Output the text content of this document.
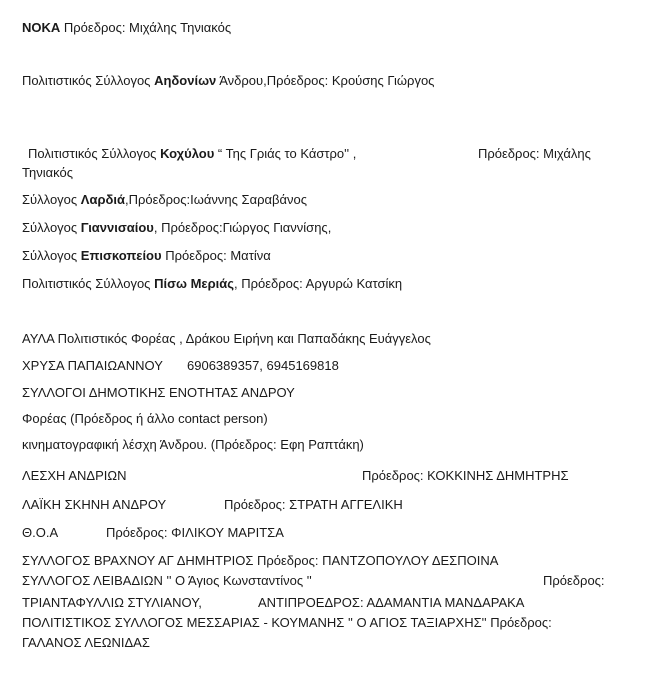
ΝΟΚΑ Πρόεδρος: Μιχάλης Τηνιακός
Πολιτιστικός Σύλλογος Αηδονίων Άνδρου,Πρόεδρος: Κρούσης Γιώργος
Πολιτιστικός Σύλλογος Κοχύλου “ Της Γριάς το Κάστρο'' ,	Πρόεδρος: Μιχάλης
Τηνιακός
Σύλλογος Λαρδιά,Πρόεδρος:Ιωάννης Σαραβάνος
Σύλλογος Γιαννισαίου, Πρόεδρος:Γιώργος Γιαννίσης,
Σύλλογος Επισκοπείου Πρόεδρος: Ματίνα
Πολιτιστικός Σύλλογος Πίσω Μεριάς, Πρόεδρος: Αργυρώ Κατσίκη
ΑΥΛΑ Πολιτιστικός Φορέας , Δράκου Ειρήνη και Παπαδάκης Ευάγγελος
ΧΡΥΣΑ ΠΑΠΑΙΩΑΝΝΟΥ 6906389357, 6945169818
ΣΥΛΛΟΓΟΙ ΔΗΜΟΤΙΚΗΣ ΕΝΟΤΗΤΑΣ ΑΝΔΡΟΥ
Φορέας (Πρόεδρος ή άλλο contact person)
κινηματογραφική λέσχη Άνδρου. (Πρόεδρος: Εφη Ραπτάκη)
ΛΕΣΧΗ ΑΝΔΡΙΩΝ	Πρόεδρος: ΚΟΚΚΙΝΗΣ ΔΗΜΗΤΡΗΣ
ΛΑΪΚΗ ΣΚΗΝΗ ΑΝΔΡΟΥ	Πρόεδρος: ΣΤΡΑΤΗ ΑΓΓΕΛΙΚΗ
Θ.Ο.Α	Πρόεδρος: ΦΙΛΙΚΟΥ ΜΑΡΙΤΣΑ
ΣΥΛΛΟΓΟΣ ΒΡΑΧΝΟΥ ΑΓ ΔΗΜΗΤΡΙΟΣ Πρόεδρος: ΠΑΝΤΖΟΠΟΥΛΟΥ ΔΕΣΠΟΙΝΑ
ΣΥΛΛΟΓΟΣ ΛΕΙΒΑΔΙΩΝ '' Ο Άγιος Κωνσταντίνος ''	Πρόεδρος:
ΤΡΙΑΝΤΑΦΥΛΛΙΩ ΣΤΥΛΙΑΝΟΥ,	ΑΝΤΙΠΡΟΕΔΡΟΣ: ΑΔΑΜΑΝΤΙΑ ΜΑΝΔΑΡΑΚΑ
ΠΟΛΙΤΙΣΤΙΚΟΣ ΣΥΛΛΟΓΟΣ ΜΕΣΣΑΡΙΑΣ - ΚΟΥΜΑΝΗΣ '' Ο ΑΓΙΟΣ ΤΑΞΙΑΡΧΗΣ'' Πρόεδρος:
ΓΑΛΑΝΟΣ ΛΕΩΝΙΔΑΣ
